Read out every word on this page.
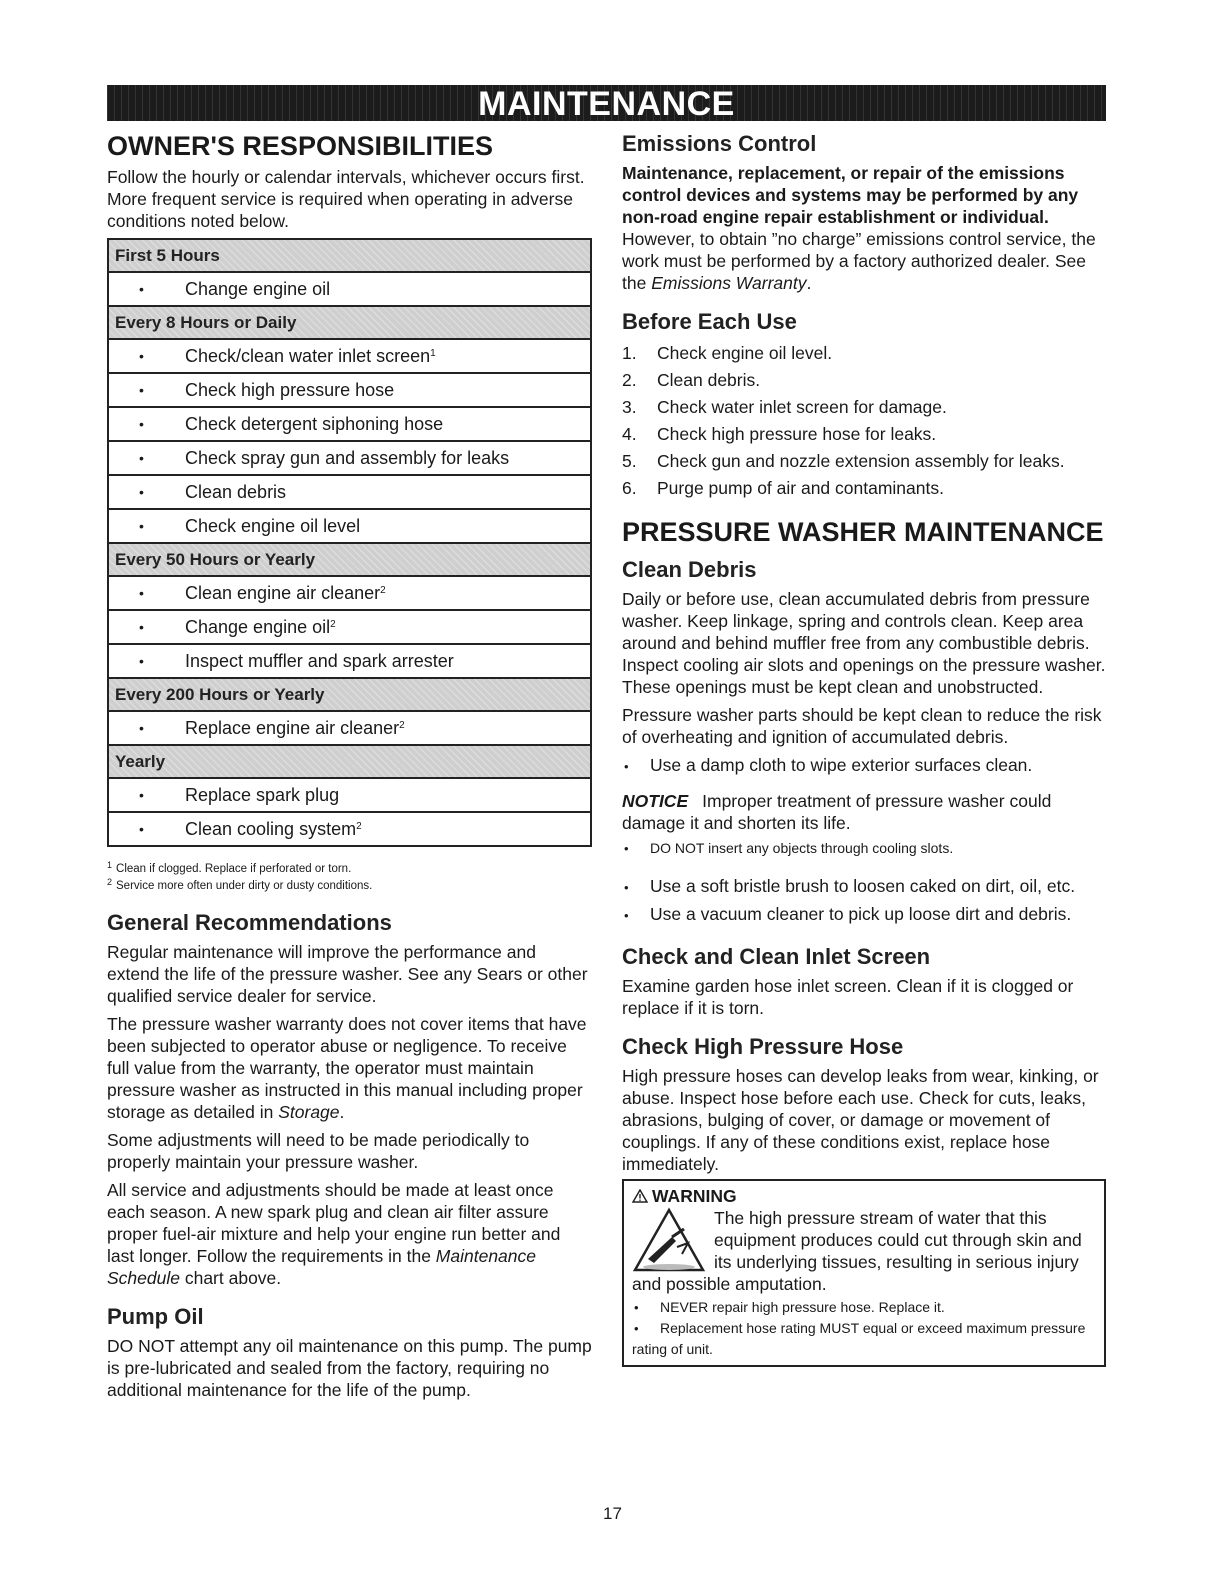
MAINTENANCE
OWNER'S RESPONSIBILITIES

Follow the hourly or calendar intervals, whichever occurs first. More frequent service is required when operating in adverse conditions noted below.

First 5 Hours
• Change engine oil
Every 8 Hours or Daily
• Check/clean water inlet screen$^1$
• Check high pressure hose
• Check detergent siphoning hose
• Check spray gun and assembly for leaks
• Clean debris
• Check engine oil level
Every 50 Hours or Yearly
• Clean engine air cleaner$^2$
• Change engine oil$^2$
• Inspect muffler and spark arrester
Every 200 Hours or Yearly
• Replace engine air cleaner$^2$
Yearly
• Replace spark plug
• Clean cooling system$^2$
$^1$ Clean if clogged. Replace if perforated or torn.
$^2$ Service more often under dirty or dusty conditions.
General Recommendations

Regular maintenance will improve the performance and extend the life of the pressure washer. See any Sears or other qualified service dealer for service.

The pressure washer warranty does not cover items that have been subjected to operator abuse or negligence. To receive full value from the warranty, the operator must maintain pressure washer as instructed in this manual including proper storage as detailed in Storage.

Some adjustments will need to be made periodically to properly maintain your pressure washer.

All service and adjustments should be made at least once each season. A new spark plug and clean air filter assure proper fuel-air mixture and help your engine run better and last longer. Follow the requirements in the Maintenance Schedule chart above.

Pump Oil

DO NOT attempt any oil maintenance on this pump. The pump is pre-lubricated and sealed from the factory, requiring no additional maintenance for the life of the pump.

Emissions Control

Maintenance, replacement, or repair of the emissions control devices and systems may be performed by any non-road engine repair establishment or individual. However, to obtain ”no charge” emissions control service, the work must be performed by a factory authorized dealer. See the Emissions Warranty.

Before Each Use
1. Check engine oil level.
2. Clean debris.
3. Check water inlet screen for damage.
4. Check high pressure hose for leaks.
5. Check gun and nozzle extension assembly for leaks.
6. Purge pump of air and contaminants.
PRESSURE WASHER MAINTENANCE
Clean Debris

Daily or before use, clean accumulated debris from pressure washer. Keep linkage, spring and controls clean. Keep area around and behind muffler free from any combustible debris. Inspect cooling air slots and openings on the pressure washer. These openings must be kept clean and unobstructed.

Pressure washer parts should be kept clean to reduce the risk of overheating and ignition of accumulated debris.

• Use a damp cloth to wipe exterior surfaces clean.
NOTICE Improper treatment of pressure washer could damage it and shorten its life.
• DO NOT insert any objects through cooling slots.
• Use a soft bristle brush to loosen caked on dirt, oil, etc.
• Use a vacuum cleaner to pick up loose dirt and debris.
Check and Clean Inlet Screen

Examine garden hose inlet screen. Clean if it is clogged or replace if it is torn.

Check High Pressure Hose

High pressure hoses can develop leaks from wear, kinking, or abuse. Inspect hose before each use. Check for cuts, leaks, abrasions, bulging of cover, or damage or movement of couplings. If any of these conditions exist, replace hose immediately.

WARNING
The high pressure stream of water that this equipment produces could cut through skin and its underlying tissues, resulting in serious injury and possible amputation.
• NEVER repair high pressure hose. Replace it.
• Replacement hose rating MUST equal or exceed maximum pressure rating of unit.
17
